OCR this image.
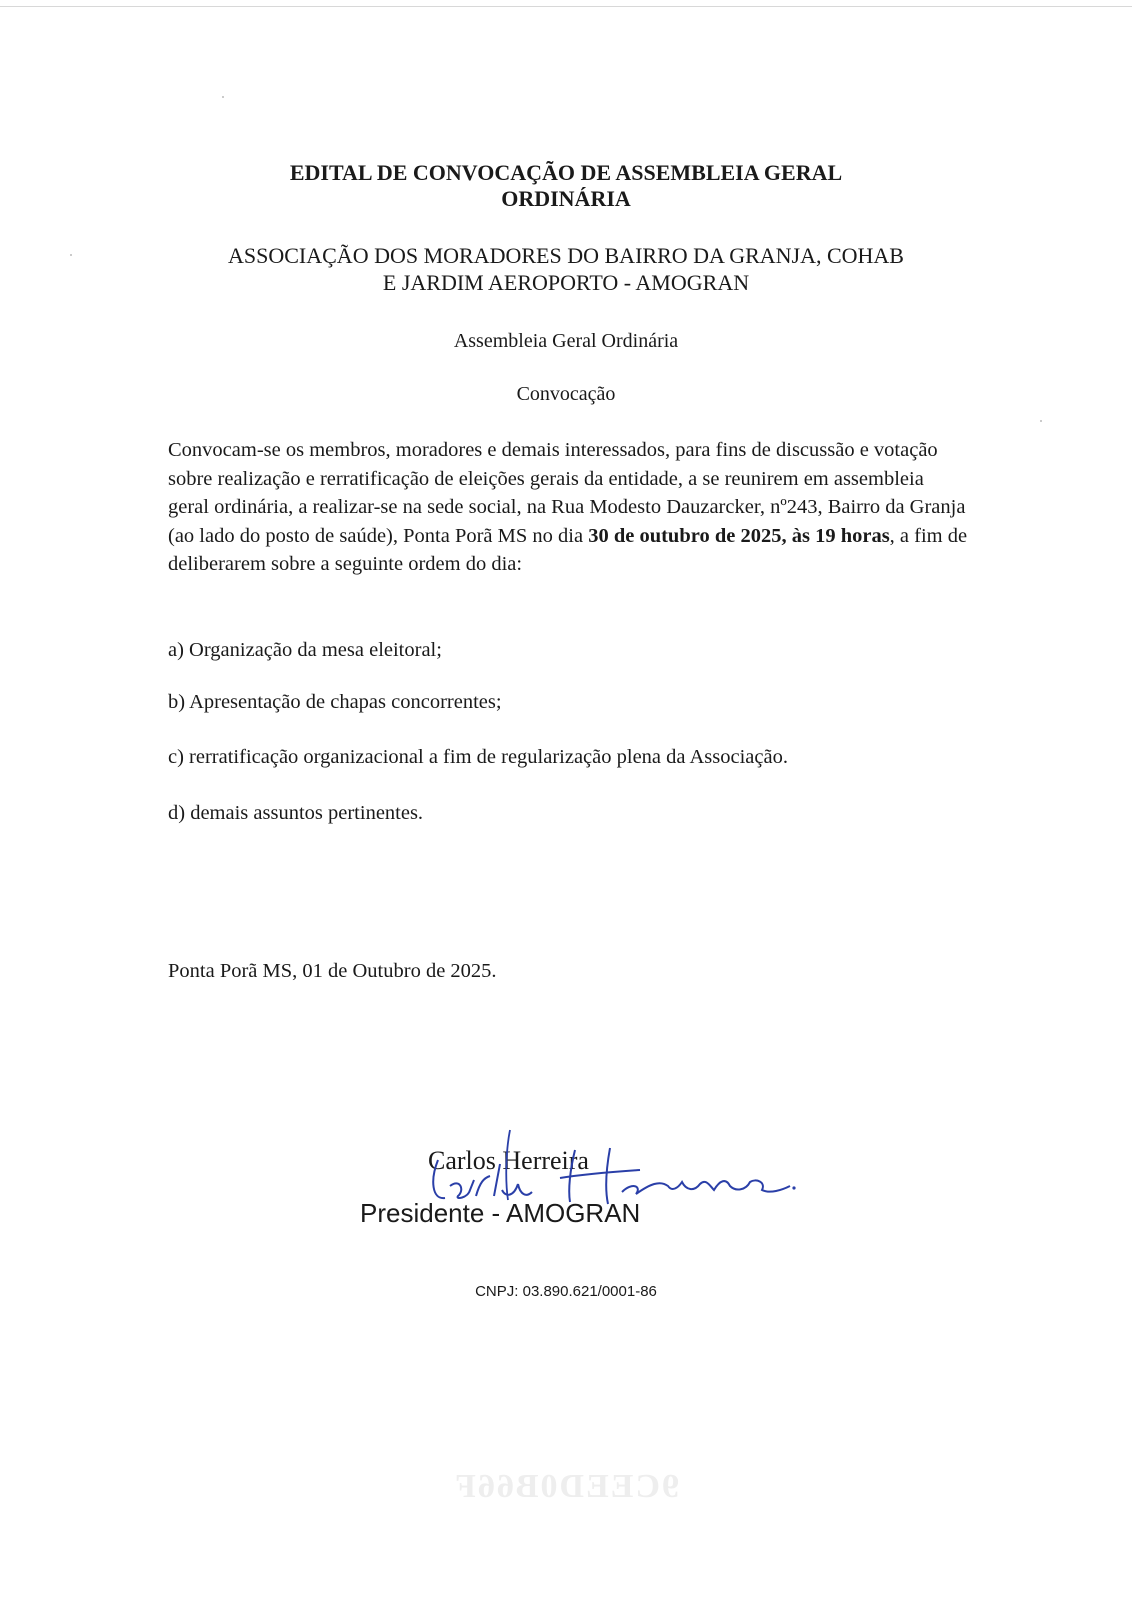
EDITAL DE CONVOCAÇÃO DE ASSEMBLEIA GERAL
ORDINÁRIA
ASSOCIAÇÃO DOS MORADORES DO BAIRRO DA GRANJA, COHAB
E JARDIM AEROPORTO - AMOGRAN
Assembleia Geral Ordinária
Convocação
Convocam-se os membros, moradores e demais interessados, para fins de discussão e votação sobre realização e rerratificação de eleições gerais da entidade, a se reunirem em assembleia geral ordinária, a realizar-se na sede social, na Rua Modesto Dauzarcker, nº243, Bairro da Granja (ao lado do posto de saúde), Ponta Porã MS no dia 30 de outubro de 2025, às 19 horas, a fim de deliberarem sobre a seguinte ordem do dia:
a) Organização da mesa eleitoral;
b) Apresentação de chapas concorrentes;
c) rerratificação organizacional a fim de regularização plena da Associação.
d) demais assuntos pertinentes.
Ponta Porã MS, 01 de Outubro de 2025.
Carlos Herreira
Presidente - AMOGRAN
CNPJ: 03.890.621/0001-86
9CEED0B66F
